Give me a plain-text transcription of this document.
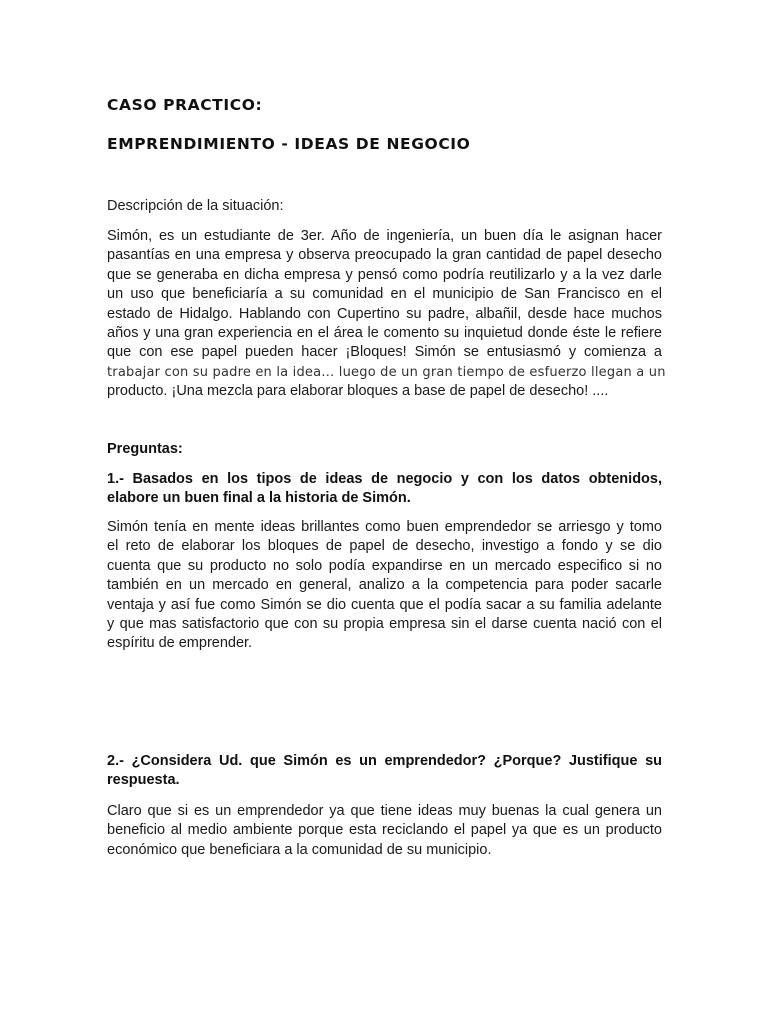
CASO PRACTICO:
EMPRENDIMIENTO - IDEAS DE NEGOCIO
Descripción de la situación:
Simón, es un estudiante de 3er. Año de ingeniería, un buen día le asignan hacer
pasantías en una empresa y observa preocupado la gran cantidad de papel desecho
que se generaba en dicha empresa y pensó como podría reutilizarlo y a la vez darle
un uso que beneficiaría a su comunidad en el municipio de San Francisco en el
estado de Hidalgo. Hablando con Cupertino su padre, albañil, desde hace muchos
años y una gran experiencia en el área le comento su inquietud donde éste le refiere
que con ese papel pueden hacer ¡Bloques! Simón se entusiasmó y comienza a
trabajar con su padre en la idea… luego de un gran tiempo de esfuerzo llegan a un
producto. ¡Una mezcla para elaborar bloques a base de papel de desecho! ....
Preguntas:
1.- Basados en los tipos de ideas de negocio y con los datos obtenidos,
elabore un buen final a la historia de Simón.
Simón tenía en mente ideas brillantes como buen emprendedor se arriesgo y tomo
el reto de elaborar los bloques de papel de desecho, investigo a fondo y se dio
cuenta que su producto no solo podía expandirse en un mercado especifico si no
también en un mercado en general, analizo a la competencia para poder sacarle
ventaja y así fue como Simón se dio cuenta que el podía sacar a su familia adelante
y que mas satisfactorio que con su propia empresa sin el darse cuenta nació con el
espíritu de emprender.
2.- ¿Considera Ud. que Simón es un emprendedor? ¿Porque? Justifique su
respuesta.
Claro que si es un emprendedor ya que tiene ideas muy buenas la cual genera un
beneficio al medio ambiente porque esta reciclando el papel ya que es un producto
económico que beneficiara a la comunidad de su municipio.
